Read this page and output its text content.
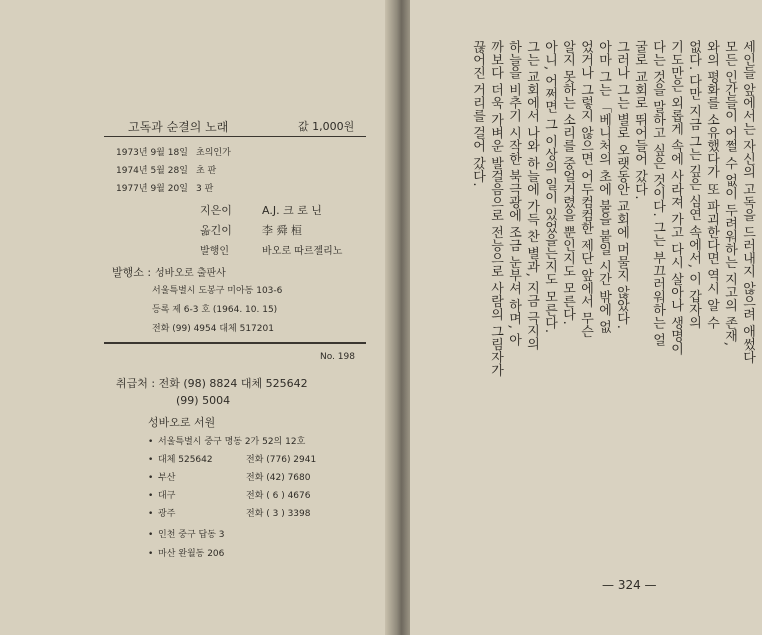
고독과 순결의 노래	값 1,000원
1973년 9월 18일 초의인가
1974년 5월 28일 초 판
1977년 9월 20일 3 판
지은이	A.J. 크 로 닌
옮긴이	李 舜 桓
발행인	바오로 따르젤리노
발행소 : 성바오로 출판사
서울특별시 도봉구 미아동 103-6
등록 제 6-3 호 (1964. 10. 15)
전화 (99) 4954 대체 517201
No. 198
취급처 : 전화 (98) 8824 대체 525642
(99) 5004
성바오로 서원
• 서울특별시 중구 명동 2가 52의 12호
• 대체 525642	전화 (776) 2941
• 부산	전화 (42) 7680
• 대구	전화 ( 6 ) 4676
• 광주	전화 ( 3 ) 3398
• 인천 중구 답동 3
• 마산 완월동 206
세인들 앞에서는 자신의 고독을 드러내지 않으려 애썼다
모든 인간들이 어쩔 수 없이 두려워하는 지고의 존재,
와의 평화를 소유했다가 또 파괴한다면 역시 알 수
없다. 다만 지금 그는 깊은 심연 속에서, 이 갑자의
기도만은 외롭게 속에 사라져 가고 다시 살아나 생명이
다는 것을 말하고 싶은 것이다. 그는 부끄러워하는 얼
굴로 교회로 뛰어들어 갔다.
그러나 그는 별로 오랫동안 교회에 머물지 않았다.
아마 그는 「베니처의 초에 불을 붙일 시간 밖에 없
었거나 그렇지 않으면 어두컴컴한 제단 앞에서 무슨
알지 못하는 소리를 중얼거렸을 뿐인지도 모른다.
아니, 어쩌면 그 이상의 일이 있었을는지도 모른다.
그는 교회에서 나와 하늘에 가득 찬 별과, 지금 극지의
하늘을 비추기 시작한 북극광에 조금 눈부셔 하며, 아
까보다 더욱 가벼운 발걸음으로 전능으로 사람의 그림자가
끊어진 거리를 걸어 갔다.
— 324 —
